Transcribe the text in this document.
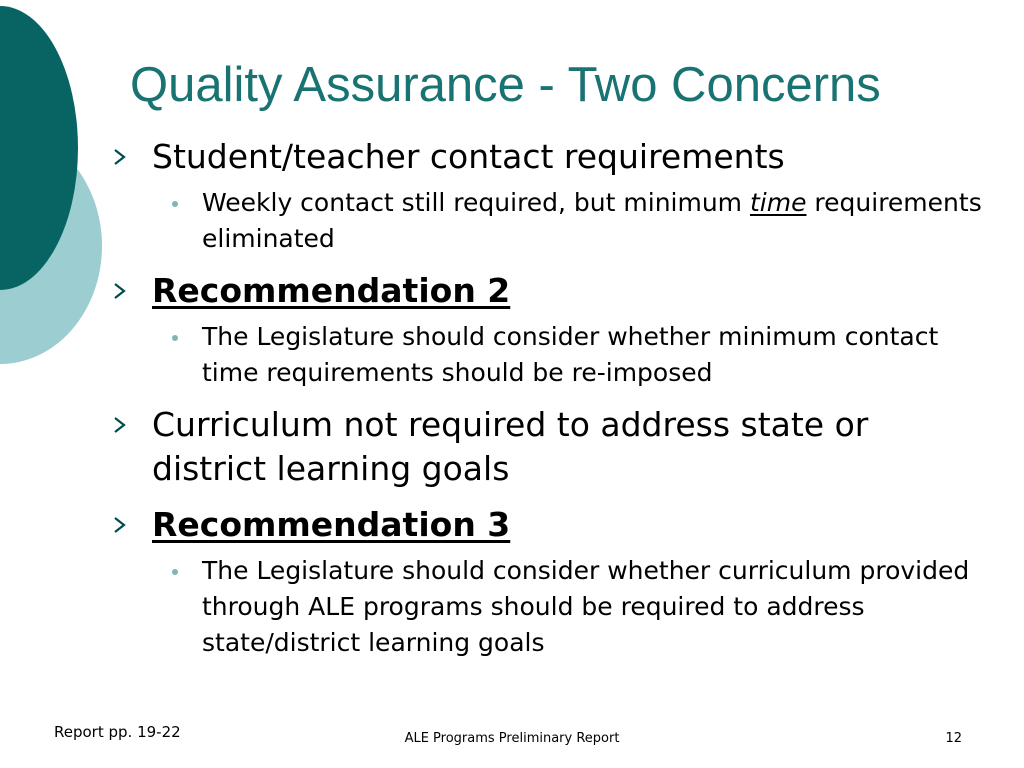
Quality Assurance - Two Concerns
Student/teacher contact requirements
Weekly contact still required, but minimum time requirements eliminated
Recommendation 2
The Legislature should consider whether minimum contact time requirements should be re-imposed
Curriculum not required to address state or district learning goals
Recommendation 3
The Legislature should consider whether curriculum provided through ALE programs should be required to address state/district learning goals
Report pp. 19-22	ALE Programs Preliminary Report	12
